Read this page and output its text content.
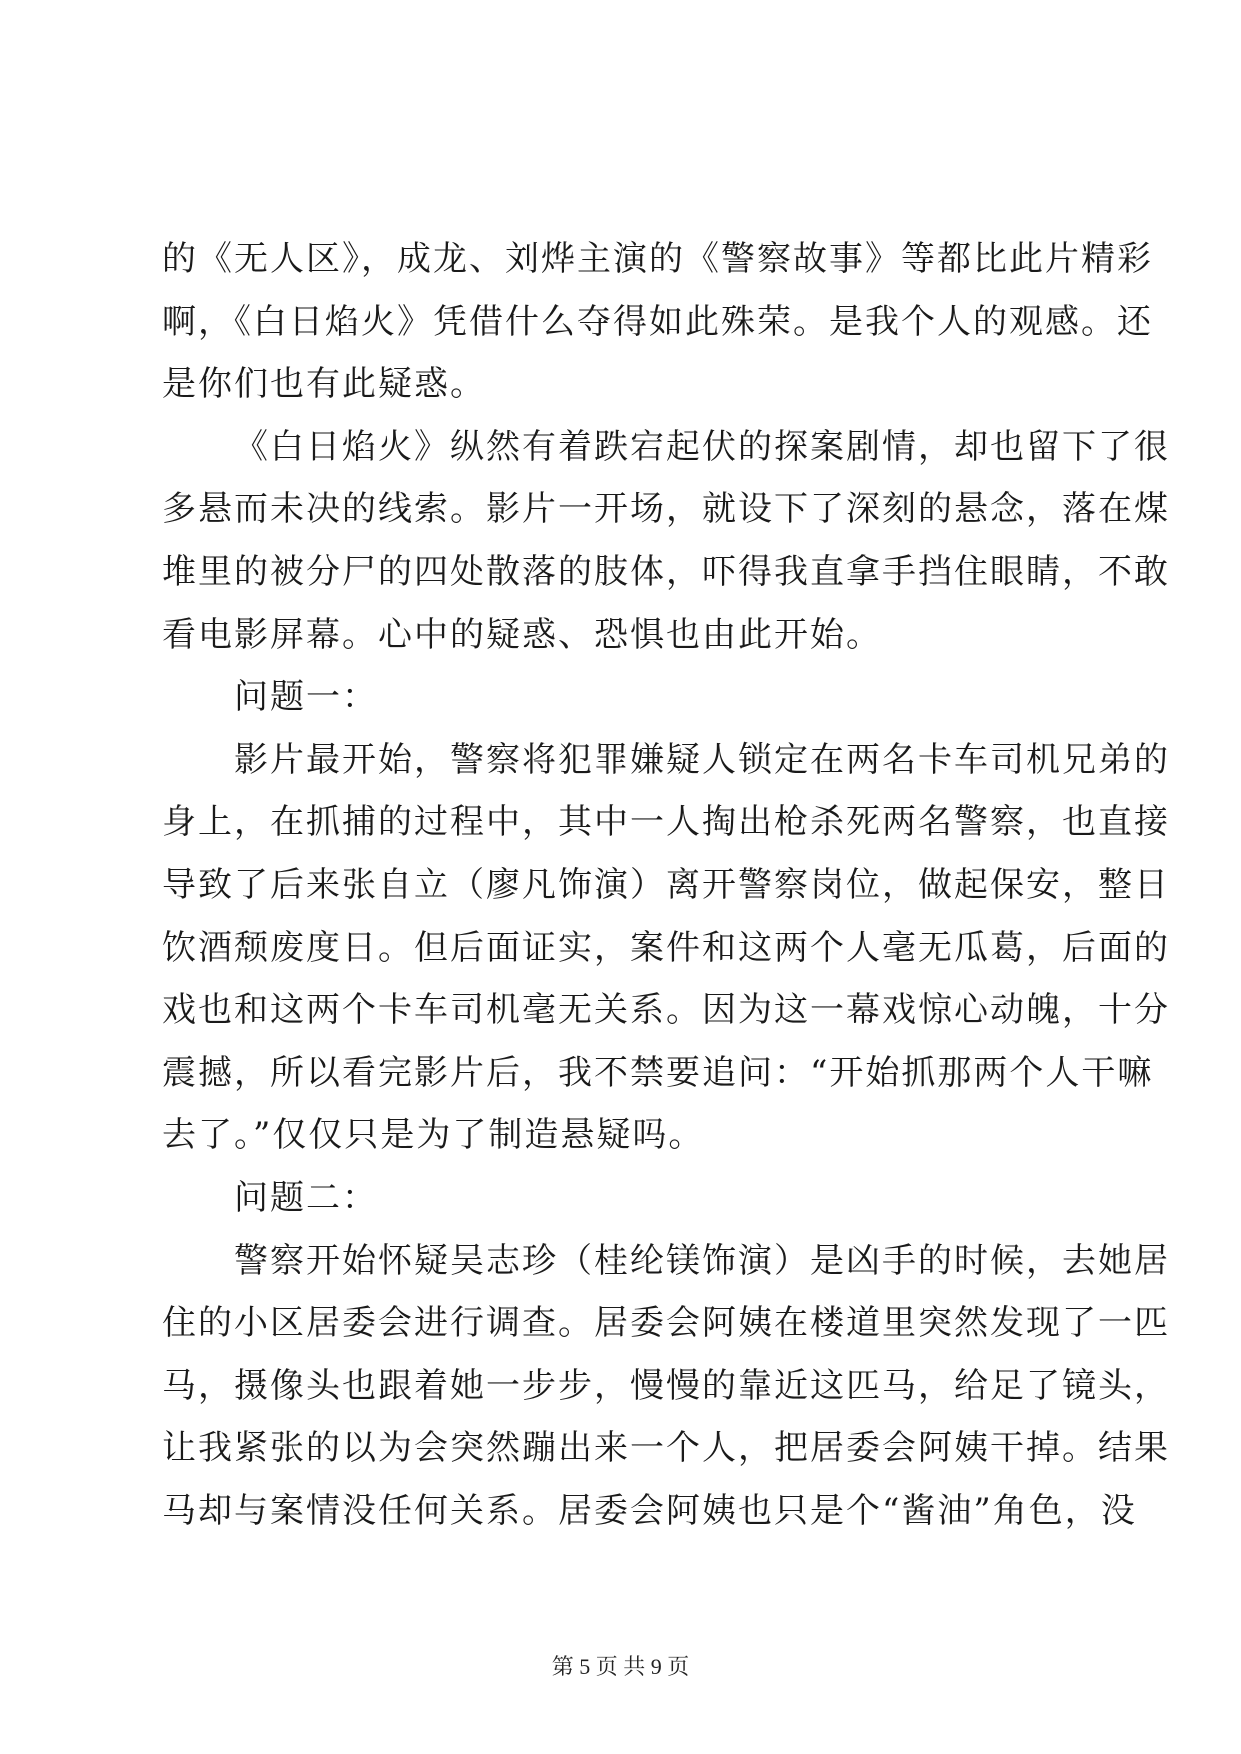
的《无人区》，成龙、刘烨主演的《警察故事》等都比此片精彩
啊，《白日焰火》凭借什么夺得如此殊荣。是我个人的观感。还
是你们也有此疑惑。
《白日焰火》纵然有着跌宕起伏的探案剧情，却也留下了很
多悬而未决的线索。影片一开场，就设下了深刻的悬念，落在煤
堆里的被分尸的四处散落的肢体，吓得我直拿手挡住眼睛，不敢
看电影屏幕。心中的疑惑、恐惧也由此开始。
问题一：
影片最开始，警察将犯罪嫌疑人锁定在两名卡车司机兄弟的
身上，在抓捕的过程中，其中一人掏出枪杀死两名警察，也直接
导致了后来张自立（廖凡饰演）离开警察岗位，做起保安，整日
饮酒颓废度日。但后面证实，案件和这两个人毫无瓜葛，后面的
戏也和这两个卡车司机毫无关系。因为这一幕戏惊心动魄，十分
震撼，所以看完影片后，我不禁要追问：“开始抓那两个人干嘛
去了。”仅仅只是为了制造悬疑吗。
问题二：
警察开始怀疑吴志珍（桂纶镁饰演）是凶手的时候，去她居
住的小区居委会进行调查。居委会阿姨在楼道里突然发现了一匹
马，摄像头也跟着她一步步，慢慢的靠近这匹马，给足了镜头，
让我紧张的以为会突然蹦出来一个人，把居委会阿姨干掉。结果
马却与案情没任何关系。居委会阿姨也只是个“酱油”角色，没
第 5 页 共 9 页
